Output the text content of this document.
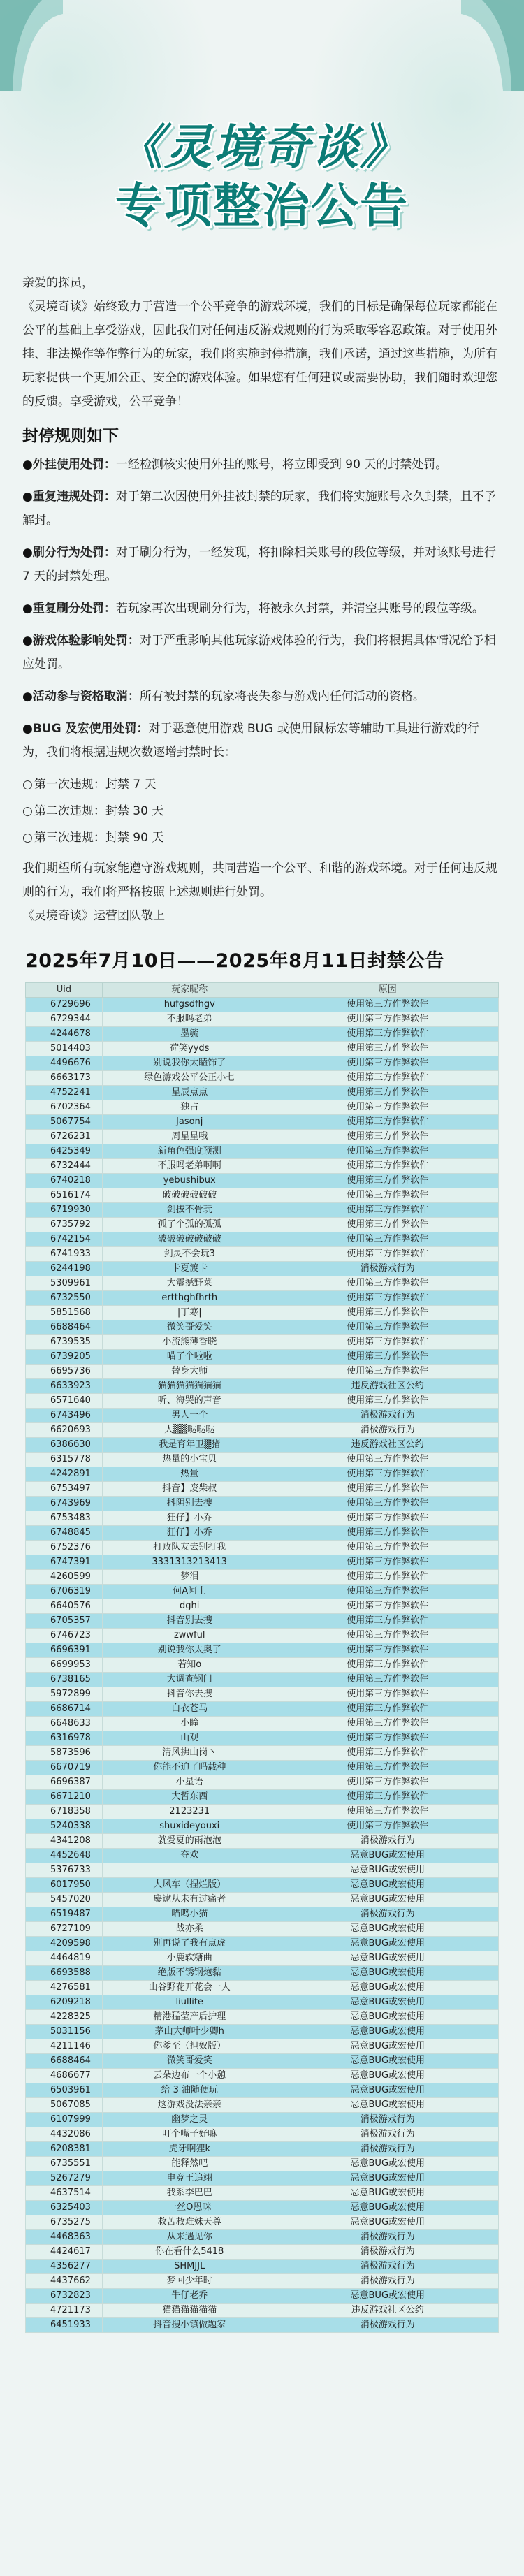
《灵境奇谈》
专项整治公告

亲爱的探员，

《灵境奇谈》始终致力于营造一个公平竞争的游戏环境，我们的目标是确保每位玩家都能在公平的基础上享受游戏，因此我们对任何违反游戏规则的行为采取零容忍政策。对于使用外挂、非法操作等作弊行为的玩家，我们将实施封停措施，我们承诺，通过这些措施，为所有玩家提供一个更加公正、安全的游戏体验。如果您有任何建议或需要协助，我们随时欢迎您的反馈。享受游戏，公平竞争！

封停规则如下
●外挂使用处罚：一经检测核实使用外挂的账号，将立即受到 90 天的封禁处罚。
●重复违规处罚：对于第二次因使用外挂被封禁的玩家，我们将实施账号永久封禁，且不予解封。
●刷分行为处罚：对于刷分行为，一经发现，将扣除相关账号的段位等级，并对该账号进行 7 天的封禁处理。
●重复刷分处罚：若玩家再次出现刷分行为，将被永久封禁，并清空其账号的段位等级。
●游戏体验影响处罚：对于严重影响其他玩家游戏体验的行为，我们将根据具体情况给予相应处罚。
●活动参与资格取消：所有被封禁的玩家将丧失参与游戏内任何活动的资格。
●BUG 及宏使用处罚：对于恶意使用游戏 BUG 或使用鼠标宏等辅助工具进行游戏的行为，我们将根据违规次数逐增封禁时长：
○ 第一次违规：封禁 7 天
○ 第二次违规：封禁 30 天
○ 第三次违规：封禁 90 天
我们期望所有玩家能遵守游戏规则，共同营造一个公平、和谐的游戏环境。对于任何违反规则的行为，我们将严格按照上述规则进行处罚。
《灵境奇谈》运营团队敬上
2025年7月10日——2025年8月11日封禁公告
Uid	玩家昵称	原因
6729696	hufgsdfhgv	使用第三方作弊软件
6729344	不服吗老弟	使用第三方作弊软件
4244678	墨毓	使用第三方作弊软件
5014403	荷笑yyds	使用第三方作弊软件
4496676	别说我你太瞌饰了	使用第三方作弊软件
6663173	绿色游戏公平公正小七	使用第三方作弊软件
4752241	星辰点点	使用第三方作弊软件
6702364	独占	使用第三方作弊软件
5067754	Jasonj	使用第三方作弊软件
6726231	周星星哦	使用第三方作弊软件
6425349	新角色强度预测	使用第三方作弊软件
6732444	不服吗老弟啊啊	使用第三方作弊软件
6740218	yebushibux	使用第三方作弊软件
6516174	破破破破破破	使用第三方作弊软件
6719930	剑拔不骨玩	使用第三方作弊软件
6735792	孤了个孤的孤孤	使用第三方作弊软件
6742154	破破破破破破破	使用第三方作弊软件
6741933	剑灵不会玩3	使用第三方作弊软件
6244198	卡夏渡卡	消极游戏行为
5309961	大震撼野菜	使用第三方作弊软件
6732550	ertthghfhrth	使用第三方作弊软件
5851568	|丁寒|	使用第三方作弊软件
6688464	微笑哥爱笑	使用第三方作弊软件
6739535	小流熊薄香晓	使用第三方作弊软件
6739205	喵了个啦啦	使用第三方作弊软件
6695736	替身大师	使用第三方作弊软件
6633923	猫猫猫猫猫猫猫	违反游戏社区公约
6571640	听、海哭的声音	使用第三方作弊软件
6743496	男人一个	消极游戏行为
6620693	大▒▒哒哒哒	消极游戏行为
6386630	我是育年卫▒猪	违反游戏社区公约
6315778	热量的小宝贝	使用第三方作弊软件
4242891	热量	使用第三方作弊软件
6753497	抖音】废柴叔	使用第三方作弊软件
6743969	抖阴别去搜	使用第三方作弊软件
6753483	狂仔】小乔	使用第三方作弊软件
6748845	狂仔】小乔	使用第三方作弊软件
6752376	打败队友去别打我	使用第三方作弊软件
6747391	3331313213413	使用第三方作弊软件
4260599	梦泪	使用第三方作弊软件
6706319	何A阿士	使用第三方作弊软件
6640576	dghi	使用第三方作弊软件
6705357	抖音别去搜	使用第三方作弊软件
6746723	zwwful	使用第三方作弊软件
6696391	别说我你太奥了	使用第三方作弊软件
6699953	若知o	使用第三方作弊软件
6738165	大调查钢门	使用第三方作弊软件
5972899	抖音你去搜	使用第三方作弊软件
6686714	白衣苍马	使用第三方作弊软件
6648633	小瞳	使用第三方作弊软件
6316978	山观	使用第三方作弊软件
5873596	清风拂山岗丶	使用第三方作弊软件
6670719	你能不迫了吗载种	使用第三方作弊软件
6696387	小星语	使用第三方作弊软件
6671210	大哲东西	使用第三方作弊软件
6718358	2123231	使用第三方作弊软件
5240338	shuxideyouxi	使用第三方作弊软件
4341208	就爱夏的雨泡泡	消极游戏行为
4452648	夺欢	恶意BUG或宏使用
5376733		恶意BUG或宏使用
6017950	大风车（捏烂版）	恶意BUG或宏使用
5457020	鏖逮从未有过痛者	恶意BUG或宏使用
6519487	喵鸣小猫	消极游戏行为
6727109	战亦柔	恶意BUG或宏使用
4209598	别再说了我有点虚	恶意BUG或宏使用
4464819	小鹿软糖曲	恶意BUG或宏使用
6693588	绝版不锈钢炮黏	恶意BUG或宏使用
4276581	山谷野花开花会一人	恶意BUG或宏使用
6209218	liullite	恶意BUG或宏使用
4228325	精港猛莹产后护理	恶意BUG或宏使用
5031156	茅山大师叶少卿h	恶意BUG或宏使用
4211146	你爹至（担奴版）	恶意BUG或宏使用
6688464	微笑哥爱笑	恶意BUG或宏使用
4686677	云朵边布一个小憩	恶意BUG或宏使用
6503961	给 3 油随便玩	恶意BUG或宏使用
5067085	这游戏没法亲亲	恶意BUG或宏使用
6107999	幽梦之灵	消极游戏行为
4432086	叮个嘴子好嘛	消极游戏行为
6208381	虎牙啊狸k	消极游戏行为
6735551	能释然吧	恶意BUG或宏使用
5267279	电竞王追翊	恶意BUG或宏使用
4637514	我系李巴巴	恶意BUG或宏使用
6325403	一丝O恩咪	恶意BUG或宏使用
6735275	救苦救难妹天尊	恶意BUG或宏使用
4468363	从来遇见你	消极游戏行为
4424617	你在看什么5418	消极游戏行为
4356277	SHMJJL	消极游戏行为
4437662	梦回少年时	消极游戏行为
6732823	牛仔老乔	恶意BUG或宏使用
4721173	猫猫猫猫猫猫	违反游戏社区公约
6451933	抖音搜小镇做题家	消极游戏行为
